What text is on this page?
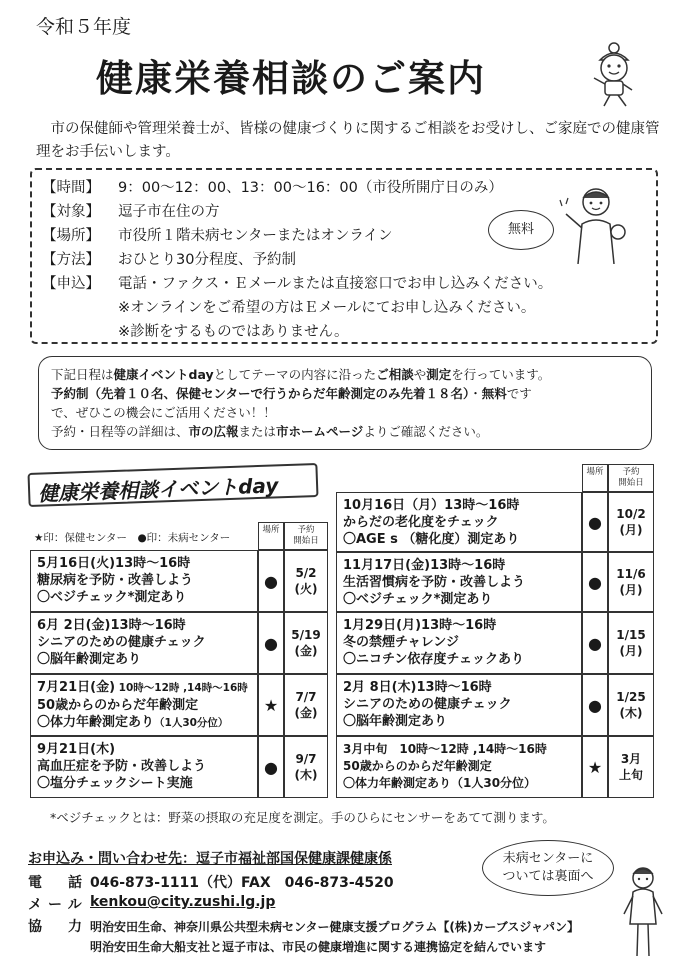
令和５年度
健康栄養相談のご案内
市の保健師や管理栄養士が、皆様の健康づくりに関するご相談をお受けし、ご家庭での健康管理をお手伝いします。
【時間】 9：00～12：00、13：00～16：00（市役所開庁日のみ）
【対象】 逗子市在住の方
【場所】 市役所１階未病センターまたはオンライン
【方法】 おひとり30分程度、予約制
【申込】 電話・ファクス・Ｅメールまたは直接窓口でお申し込みください。
※オンラインをご希望の方はＥメールにてお申し込みください。
※診断をするものではありません。
無料
下記日程は健康イベントdayとしてテーマの内容に沿ったご相談や測定を行っています。
予約制（先着１０名、保健センターで行うからだ年齢測定のみ先着１８名）・無料です
で、ぜひこの機会にご活用ください！！
予約・日程等の詳細は、市の広報または市ホームページよりご確認ください。
健康栄養相談イベントday
★印：保健センター　●印：未病センター
場所	予約
開始日
場所	予約
開始日
5月16日(火)13時～16時
糖尿病を予防・改善しよう
〇ベジチェック*測定あり
●	5/2
(火)
6月 2日(金)13時～16時
シニアのための健康チェック
〇脳年齢測定あり
●	5/19
(金)
7月21日(金) 10時～12時 ,14時～16時
50歳からのからだ年齢測定
〇体力年齢測定あり（1人30分位）
★	7/7
(金)
9月21日(木)
高血圧症を予防・改善しよう
〇塩分チェックシート実施
●	9/7
(木)
10月16日（月）13時～16時
からだの老化度をチェック
〇AGE s （糖化度）測定あり
●	10/2
(月)
11月17日(金)13時～16時
生活習慣病を予防・改善しよう
〇ベジチェック*測定あり
●	11/6
(月)
1月29日(月)13時～16時
冬の禁煙チャレンジ
〇ニコチン依存度チェックあり
●	1/15
(月)
2月 8日(木)13時～16時
シニアのための健康チェック
〇脳年齢測定あり
●	1/25
(木)
3月中旬　10時～12時 ,14時～16時
50歳からのからだ年齢測定
〇体力年齢測定あり（1人30分位）
★	3月
上旬
*ベジチェックとは：野菜の摂取の充足度を測定。手のひらにセンサーをあてて測ります。
お申込み・問い合わせ先：逗子市福祉部国保健康課健康係
電　話 046-873-1111（代）FAX　046-873-4520
メール kenkou@city.zushi.lg.jp
協　力 明治安田生命、神奈川県公共型未病センター健康支援プログラム【(株)カーブスジャパン】
明治安田生命大船支社と逗子市は、市民の健康増進に関する連携協定を結んでいます
未病センターに
ついては裏面へ
